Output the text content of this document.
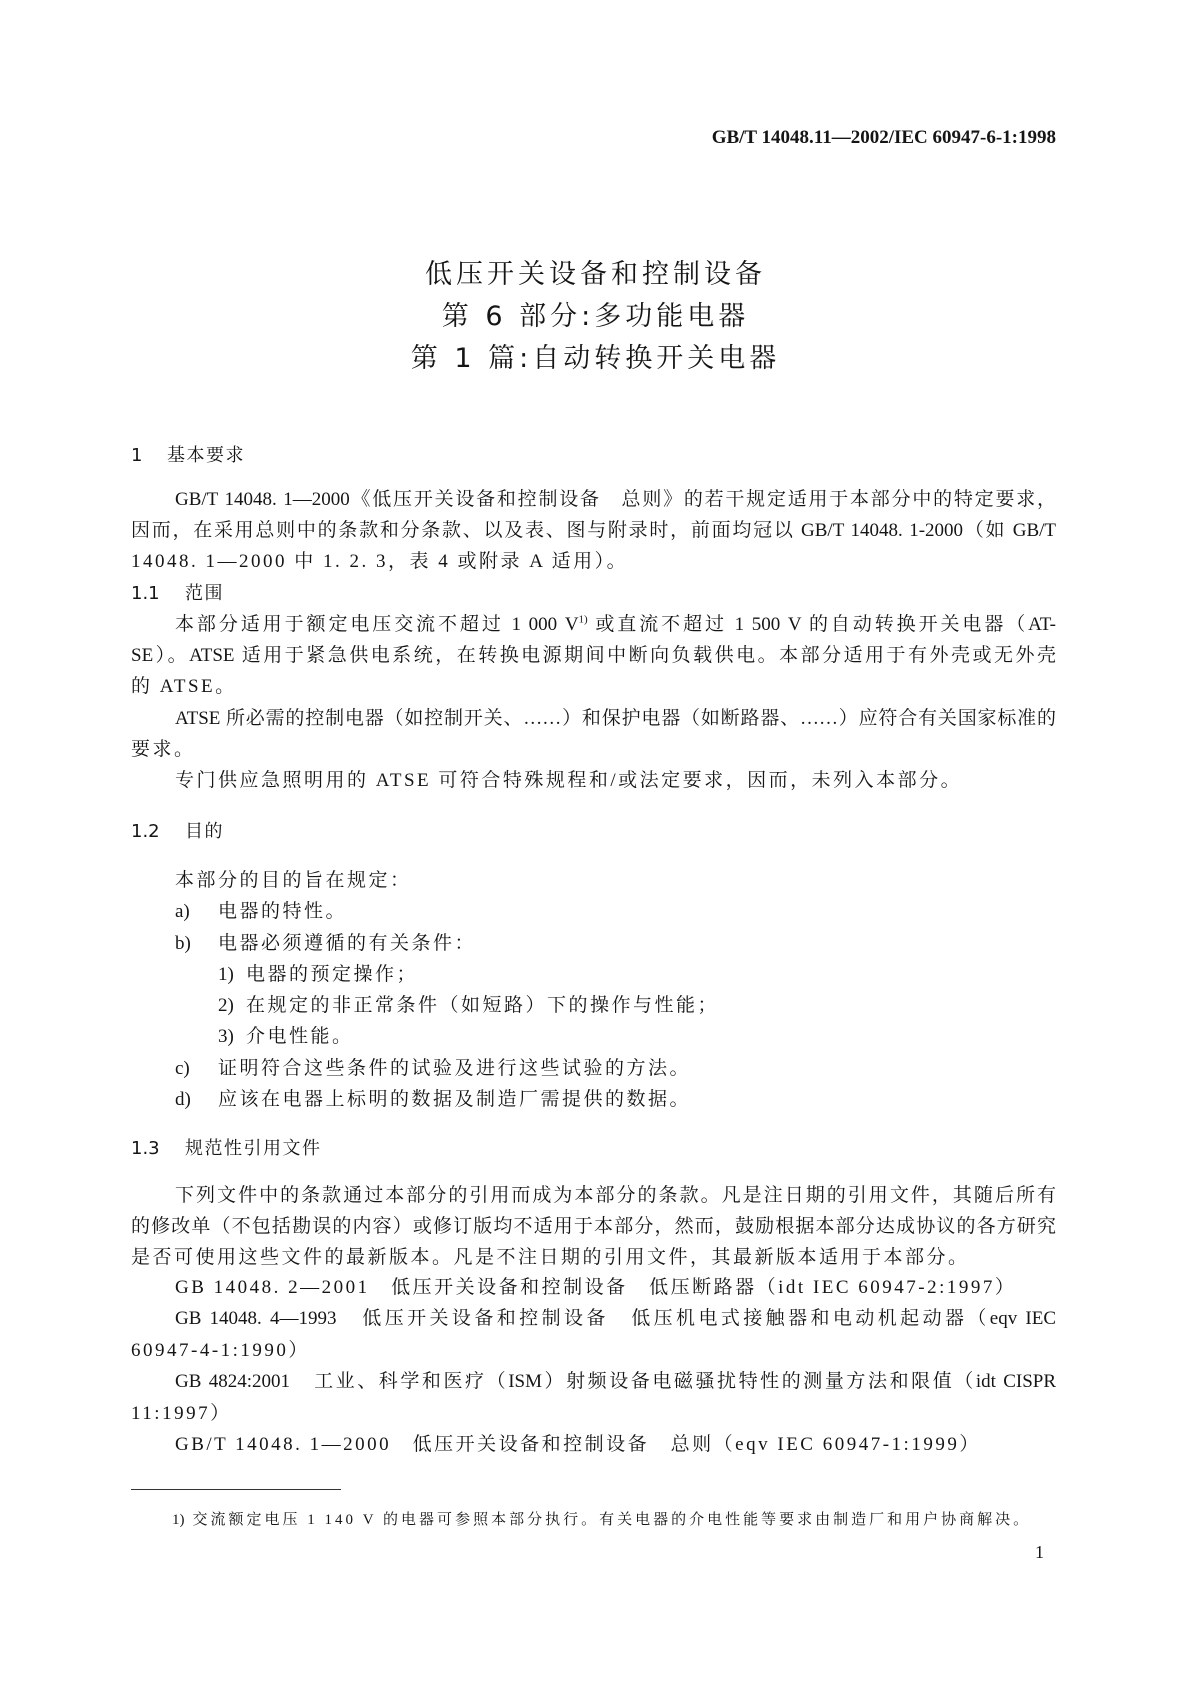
GB/T 14048.11—2002/IEC 60947-6-1:1998
低压开关设备和控制设备
第 6 部分:多功能电器
第 1 篇:自动转换开关电器
1 基本要求
GB/T 14048. 1—2000《低压开关设备和控制设备　总则》的若干规定适用于本部分中的特定要求，
因而，在采用总则中的条款和分条款、以及表、图与附录时，前面均冠以 GB/T 14048. 1-2000（如 GB/T
14048. 1—2000 中 1. 2. 3，表 4 或附录 A 适用）。
1.1 范围
本部分适用于额定电压交流不超过 1 000 $V^{1)}$ 或直流不超过 1 500 V 的自动转换开关电器（AT-
SE）。ATSE 适用于紧急供电系统，在转换电源期间中断向负载供电。本部分适用于有外壳或无外壳
的 ATSE。
ATSE 所必需的控制电器（如控制开关、……）和保护电器（如断路器、……）应符合有关国家标准的
要求。
专门供应急照明用的 ATSE 可符合特殊规程和/或法定要求，因而，未列入本部分。
1.2 目的
本部分的目的旨在规定：
a) 电器的特性。
b) 电器必须遵循的有关条件：
1) 电器的预定操作；
2) 在规定的非正常条件（如短路）下的操作与性能；
3) 介电性能。
c) 证明符合这些条件的试验及进行这些试验的方法。
d) 应该在电器上标明的数据及制造厂需提供的数据。
1.3 规范性引用文件
下列文件中的条款通过本部分的引用而成为本部分的条款。凡是注日期的引用文件，其随后所有
的修改单（不包括勘误的内容）或修订版均不适用于本部分，然而，鼓励根据本部分达成协议的各方研究
是否可使用这些文件的最新版本。凡是不注日期的引用文件，其最新版本适用于本部分。
GB 14048. 2—2001　低压开关设备和控制设备　低压断路器（idt IEC 60947-2:1997）
GB 14048. 4—1993　低压开关设备和控制设备　低压机电式接触器和电动机起动器（eqv IEC
60947-4-1:1990）
GB 4824:2001　工业、科学和医疗（ISM）射频设备电磁骚扰特性的测量方法和限值（idt CISPR
11:1997）
GB/T 14048. 1—2000　低压开关设备和控制设备　总则（eqv IEC 60947-1:1999）
1) 交流额定电压 1 140 V 的电器可参照本部分执行。有关电器的介电性能等要求由制造厂和用户协商解决。
1
